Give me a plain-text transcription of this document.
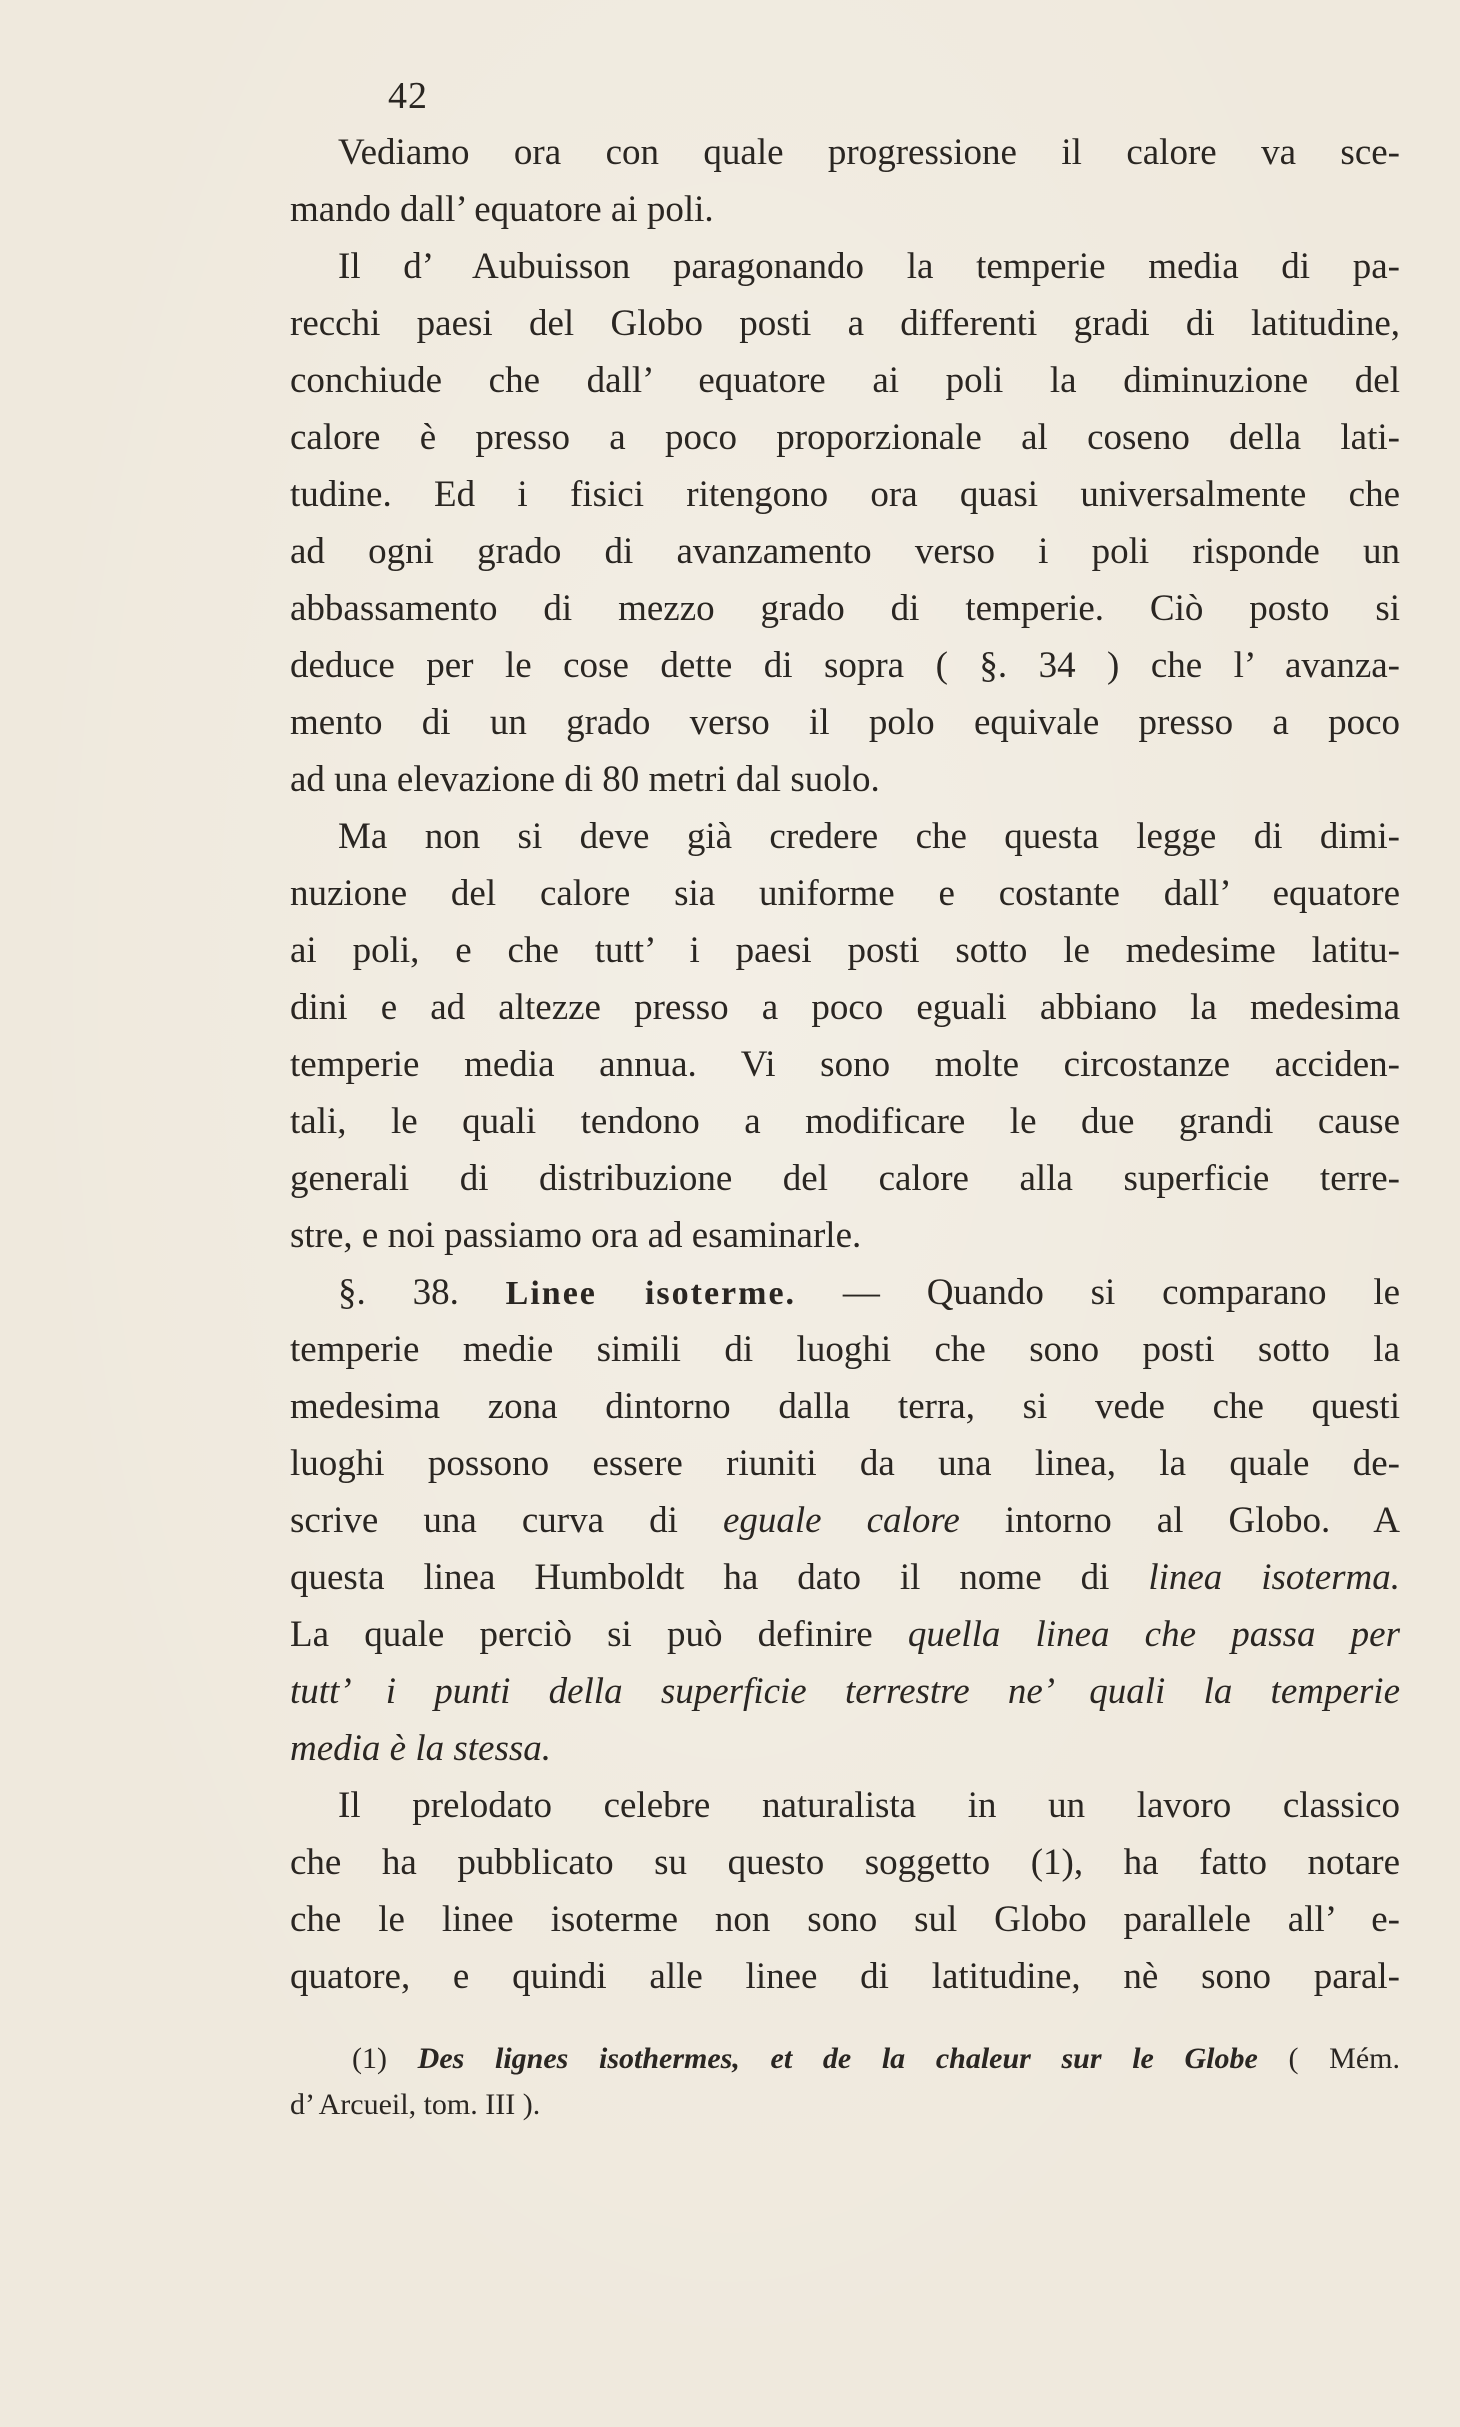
42
Vediamo ora con quale progressione il calore va sce-
mando dall’ equatore ai poli.
Il d’ Aubuisson paragonando la temperie media di pa-
recchi paesi del Globo posti a differenti gradi di latitudine,
conchiude che dall’ equatore ai poli la diminuzione del
calore è presso a poco proporzionale al coseno della lati-
tudine. Ed i fisici ritengono ora quasi universalmente che
ad ogni grado di avanzamento verso i poli risponde un
abbassamento di mezzo grado di temperie. Ciò posto si
deduce per le cose dette di sopra ( §. 34 ) che l’ avanza-
mento di un grado verso il polo equivale presso a poco
ad una elevazione di 80 metri dal suolo.
Ma non si deve già credere che questa legge di dimi-
nuzione del calore sia uniforme e costante dall’ equatore
ai poli, e che tutt’ i paesi posti sotto le medesime latitu-
dini e ad altezze presso a poco eguali abbiano la medesima
temperie media annua. Vi sono molte circostanze acciden-
tali, le quali tendono a modificare le due grandi cause
generali di distribuzione del calore alla superficie terre-
stre, e noi passiamo ora ad esaminarle.
§. 38. Linee isoterme. — Quando si comparano le
temperie medie simili di luoghi che sono posti sotto la
medesima zona dintorno dalla terra, si vede che questi
luoghi possono essere riuniti da una linea, la quale de-
scrive una curva di eguale calore intorno al Globo. A
questa linea Humboldt ha dato il nome di linea isoterma.
La quale perciò si può definire quella linea che passa per
tutt’ i punti della superficie terrestre ne’ quali la temperie
media è la stessa.
Il prelodato celebre naturalista in un lavoro classico
che ha pubblicato su questo soggetto (1), ha fatto notare
che le linee isoterme non sono sul Globo parallele all’ e-
quatore, e quindi alle linee di latitudine, nè sono paral-
(1) Des lignes isothermes, et de la chaleur sur le Globe ( Mém.
d’ Arcueil, tom. III ).
